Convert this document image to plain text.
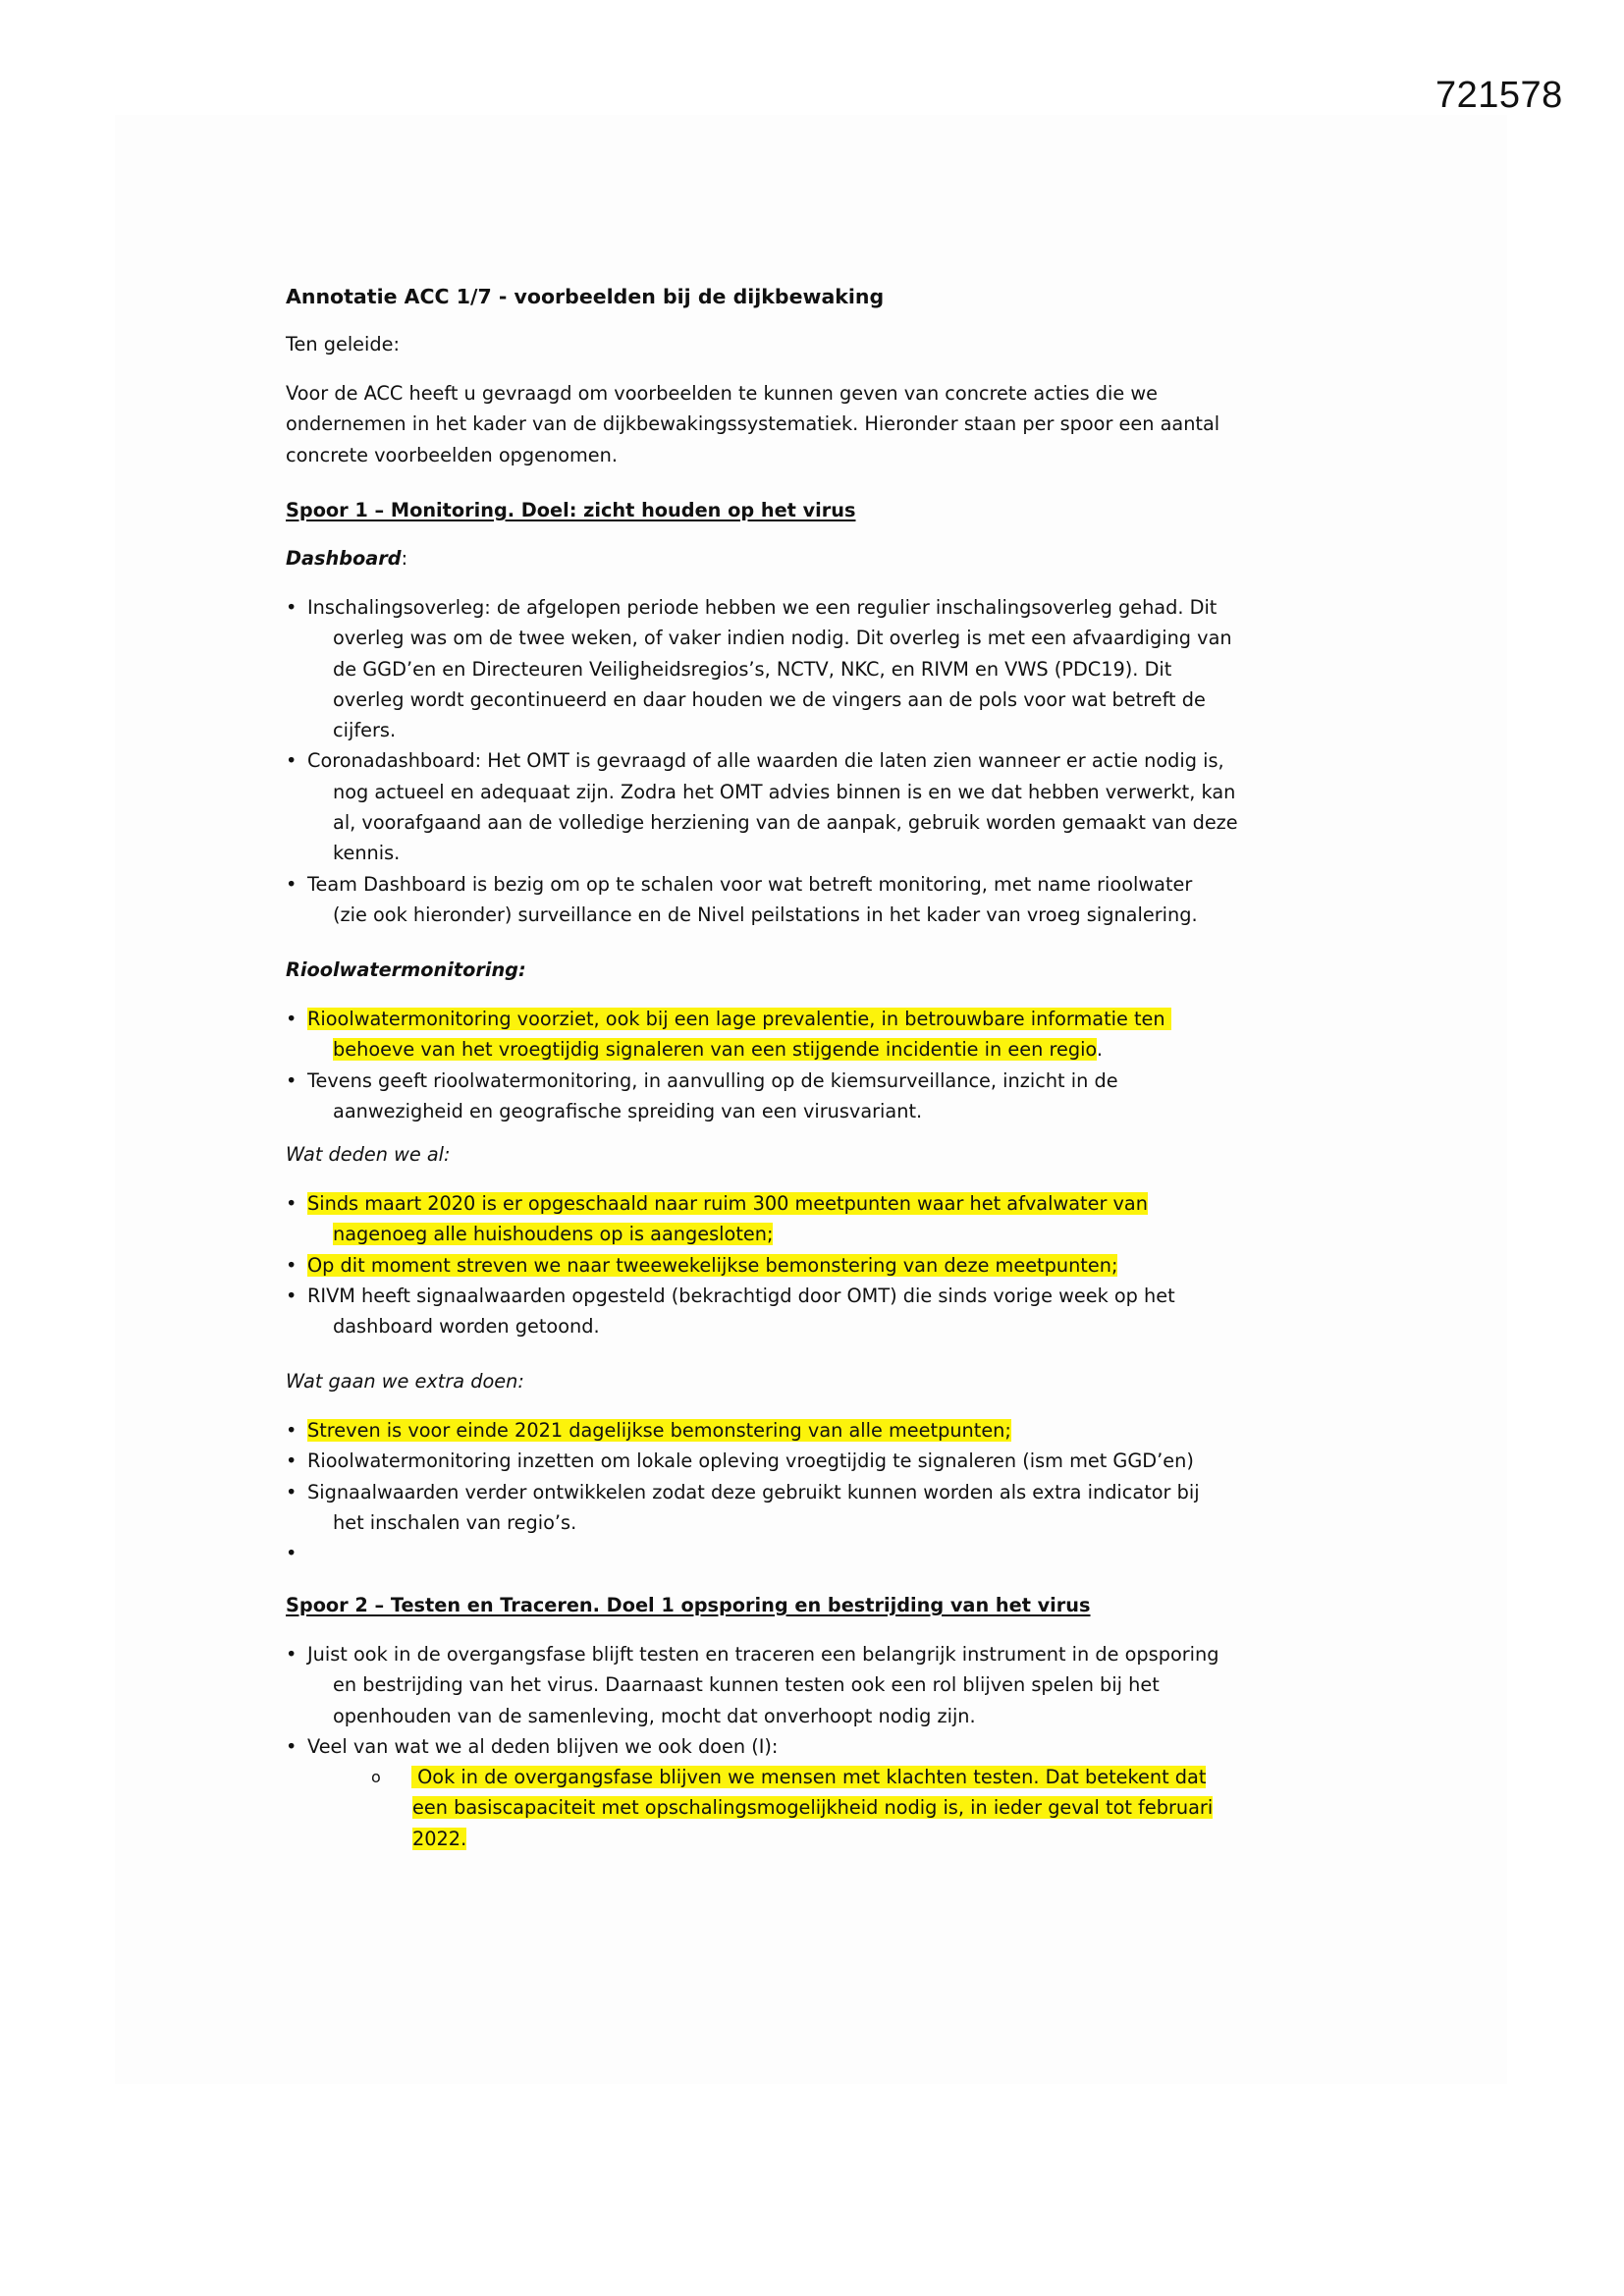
721578
Annotatie ACC 1/7 - voorbeelden bij de dijkbewaking
Ten geleide:
Voor de ACC heeft u gevraagd om voorbeelden te kunnen geven van concrete acties die we
ondernemen in het kader van de dijkbewakingssystematiek. Hieronder staan per spoor een aantal
concrete voorbeelden opgenomen.
Spoor 1 – Monitoring. Doel: zicht houden op het virus
Dashboard:
• Inschalingsoverleg: de afgelopen periode hebben we een regulier inschalingsoverleg gehad. Dit
overleg was om de twee weken, of vaker indien nodig. Dit overleg is met een afvaardiging van
de GGD’en en Directeuren Veiligheidsregios’s, NCTV, NKC, en RIVM en VWS (PDC19). Dit
overleg wordt gecontinueerd en daar houden we de vingers aan de pols voor wat betreft de
cijfers.
• Coronadashboard: Het OMT is gevraagd of alle waarden die laten zien wanneer er actie nodig is,
nog actueel en adequaat zijn. Zodra het OMT advies binnen is en we dat hebben verwerkt, kan
al, voorafgaand aan de volledige herziening van de aanpak, gebruik worden gemaakt van deze
kennis.
• Team Dashboard is bezig om op te schalen voor wat betreft monitoring, met name rioolwater
(zie ook hieronder) surveillance en de Nivel peilstations in het kader van vroeg signalering.
Rioolwatermonitoring:
• Rioolwatermonitoring voorziet, ook bij een lage prevalentie, in betrouwbare informatie ten
behoeve van het vroegtijdig signaleren van een stijgende incidentie in een regio.
• Tevens geeft rioolwatermonitoring, in aanvulling op de kiemsurveillance, inzicht in de
aanwezigheid en geografische spreiding van een virusvariant.
Wat deden we al:
• Sinds maart 2020 is er opgeschaald naar ruim 300 meetpunten waar het afvalwater van
nagenoeg alle huishoudens op is aangesloten;
• Op dit moment streven we naar tweewekelijkse bemonstering van deze meetpunten;
• RIVM heeft signaalwaarden opgesteld (bekrachtigd door OMT) die sinds vorige week op het
dashboard worden getoond.
Wat gaan we extra doen:
• Streven is voor einde 2021 dagelijkse bemonstering van alle meetpunten;
• Rioolwatermonitoring inzetten om lokale opleving vroegtijdig te signaleren (ism met GGD’en)
• Signaalwaarden verder ontwikkelen zodat deze gebruikt kunnen worden als extra indicator bij
het inschalen van regio’s.
•
Spoor 2 – Testen en Traceren. Doel 1 opsporing en bestrijding van het virus
• Juist ook in de overgangsfase blijft testen en traceren een belangrijk instrument in de opsporing
en bestrijding van het virus. Daarnaast kunnen testen ook een rol blijven spelen bij het
openhouden van de samenleving, mocht dat onverhoopt nodig zijn.
• Veel van wat we al deden blijven we ook doen (I):
o	Ook in de overgangsfase blijven we mensen met klachten testen. Dat betekent dat
een basiscapaciteit met opschalingsmogelijkheid nodig is, in ieder geval tot februari
2022.
